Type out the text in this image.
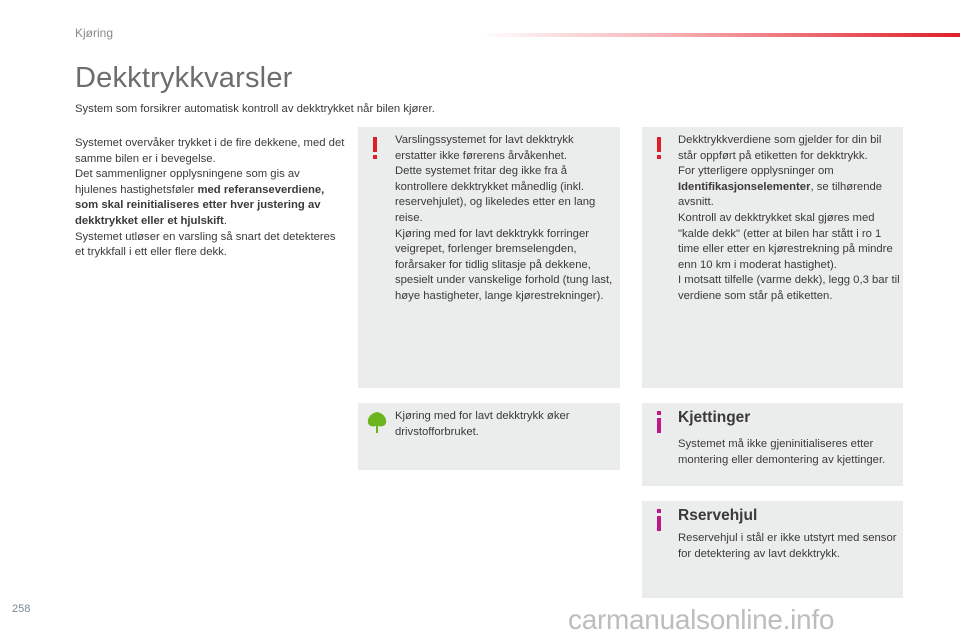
Kjøring
Dekktrykkvarsler
System som forsikrer automatisk kontroll av dekktrykket når bilen kjører.

Systemet overvåker trykket i de fire dekkene, med det samme bilen er i bevegelse.

Det sammenligner opplysningene som gis av hjulenes hastighetsføler med referanseverdiene, som skal reinitialiseres etter hver justering av dekktrykket eller et hjulskift.

Systemet utløser en varsling så snart det detekteres et trykkfall i ett eller flere dekk.

Varslingssystemet for lavt dekktrykk erstatter ikke førerens årvåkenhet.

Dette systemet fritar deg ikke fra å kontrollere dekktrykket månedlig (inkl. reservehjulet), og likeledes etter en lang reise.

Kjøring med for lavt dekktrykk forringer veigrepet, forlenger bremselengden, forårsaker for tidlig slitasje på dekkene, spesielt under vanskelige forhold (tung last, høye hastigheter, lange kjørestrekninger).

Dekktrykkverdiene som gjelder for din bil står oppført på etiketten for dekktrykk.

For ytterligere opplysninger om Identifikasjonselementer, se tilhørende avsnitt.

Kontroll av dekktrykket skal gjøres med "kalde dekk" (etter at bilen har stått i ro 1 time eller etter en kjørestrekning på mindre enn 10 km i moderat hastighet).

I motsatt tilfelle (varme dekk), legg 0,3 bar til verdiene som står på etiketten.

Kjøring med for lavt dekktrykk øker drivstofforbruket.
Kjettinger
Systemet må ikke gjeninitialiseres etter montering eller demontering av kjettinger.
Rservehjul
Reservehjul i stål er ikke utstyrt med sensor for detektering av lavt dekktrykk.
258	carmanualsonline.info
